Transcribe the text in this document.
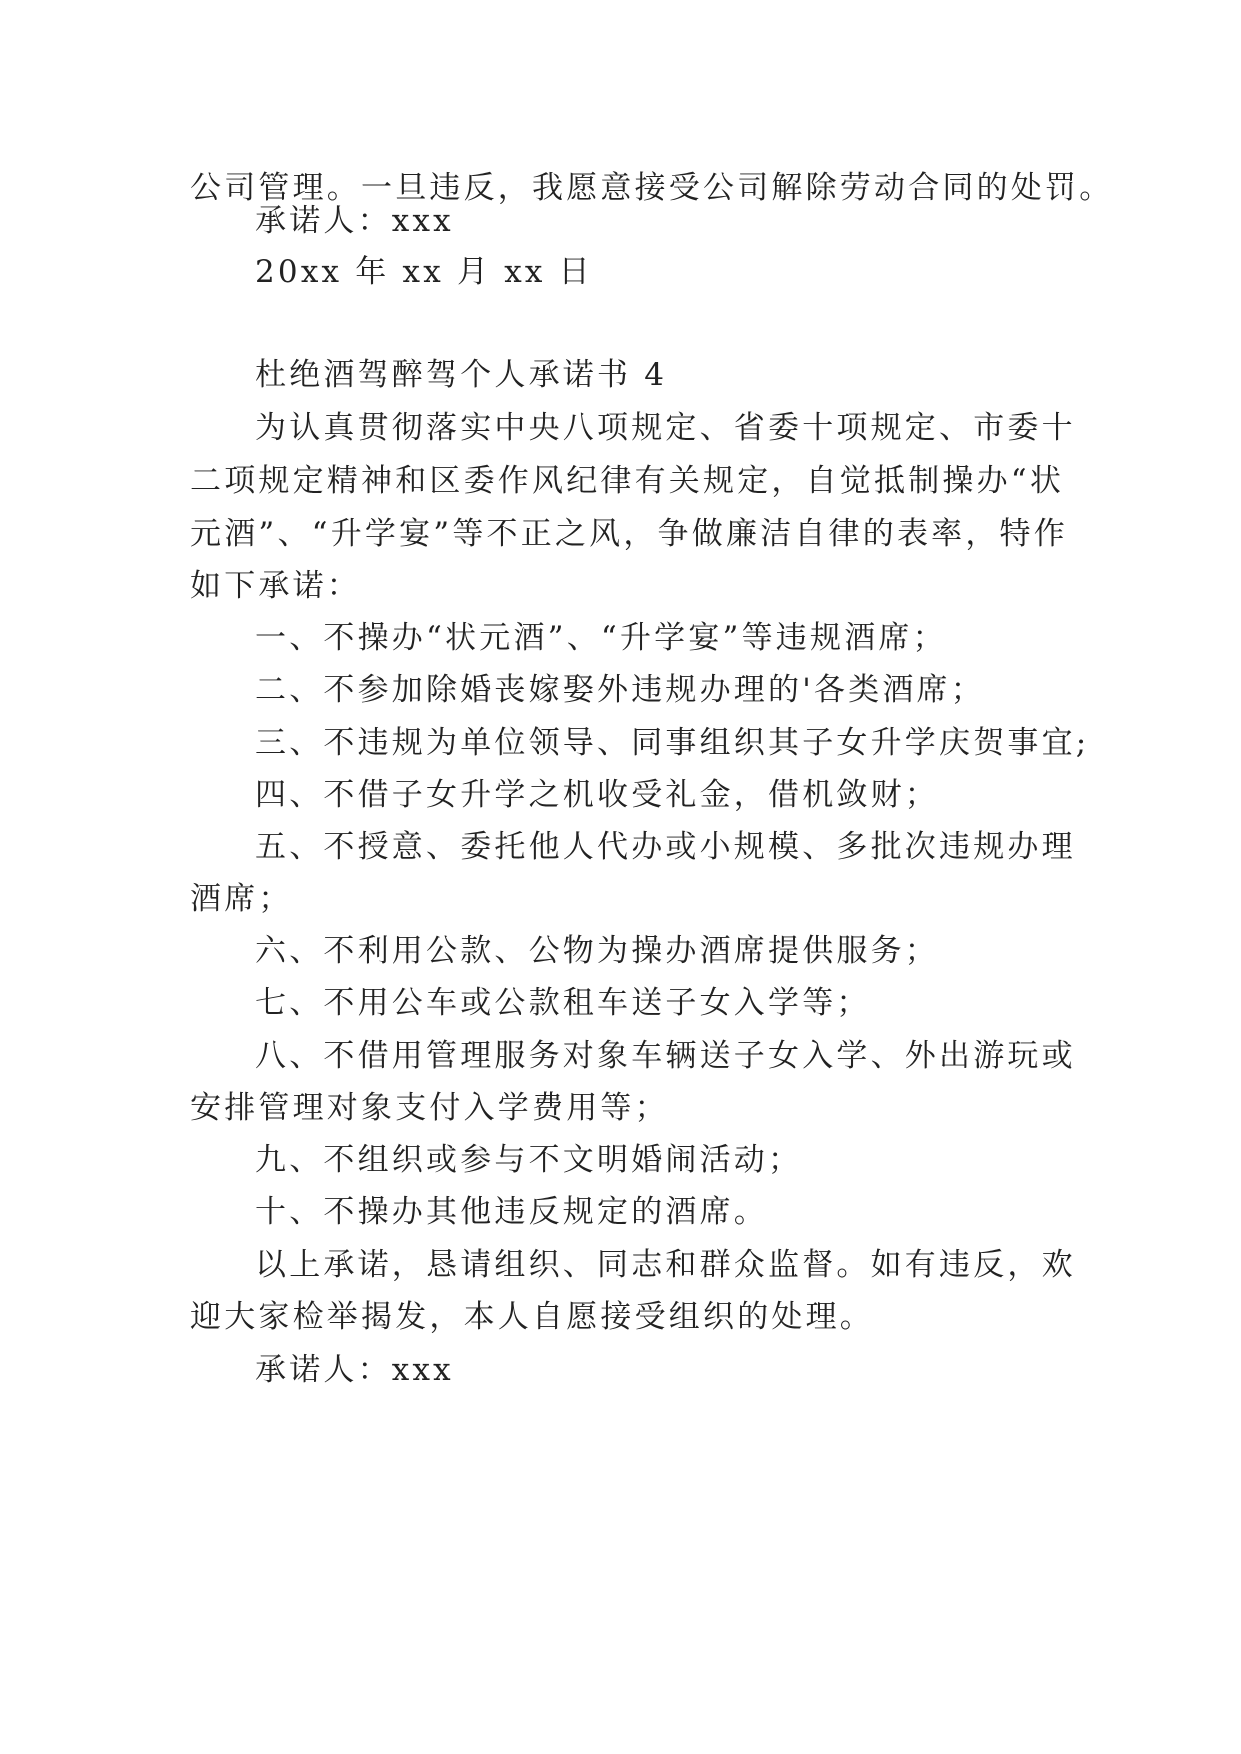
公司管理。一旦违反，我愿意接受公司解除劳动合同的处罚。
承诺人：xxx
20xx 年 xx 月 xx 日
杜绝酒驾醉驾个人承诺书 4
为认真贯彻落实中央八项规定、省委十项规定、市委十
二项规定精神和区委作风纪律有关规定，自觉抵制操办“状
元酒”、“升学宴”等不正之风，争做廉洁自律的表率，特作
如下承诺：
一、不操办“状元酒”、“升学宴”等违规酒席；
二、不参加除婚丧嫁娶外违规办理的'各类酒席；
三、不违规为单位领导、同事组织其子女升学庆贺事宜;
四、不借子女升学之机收受礼金，借机敛财；
五、不授意、委托他人代办或小规模、多批次违规办理
酒席；
六、不利用公款、公物为操办酒席提供服务；
七、不用公车或公款租车送子女入学等；
八、不借用管理服务对象车辆送子女入学、外出游玩或
安排管理对象支付入学费用等；
九、不组织或参与不文明婚闹活动；
十、不操办其他违反规定的酒席。
以上承诺，恳请组织、同志和群众监督。如有违反，欢
迎大家检举揭发，本人自愿接受组织的处理。
承诺人：xxx
